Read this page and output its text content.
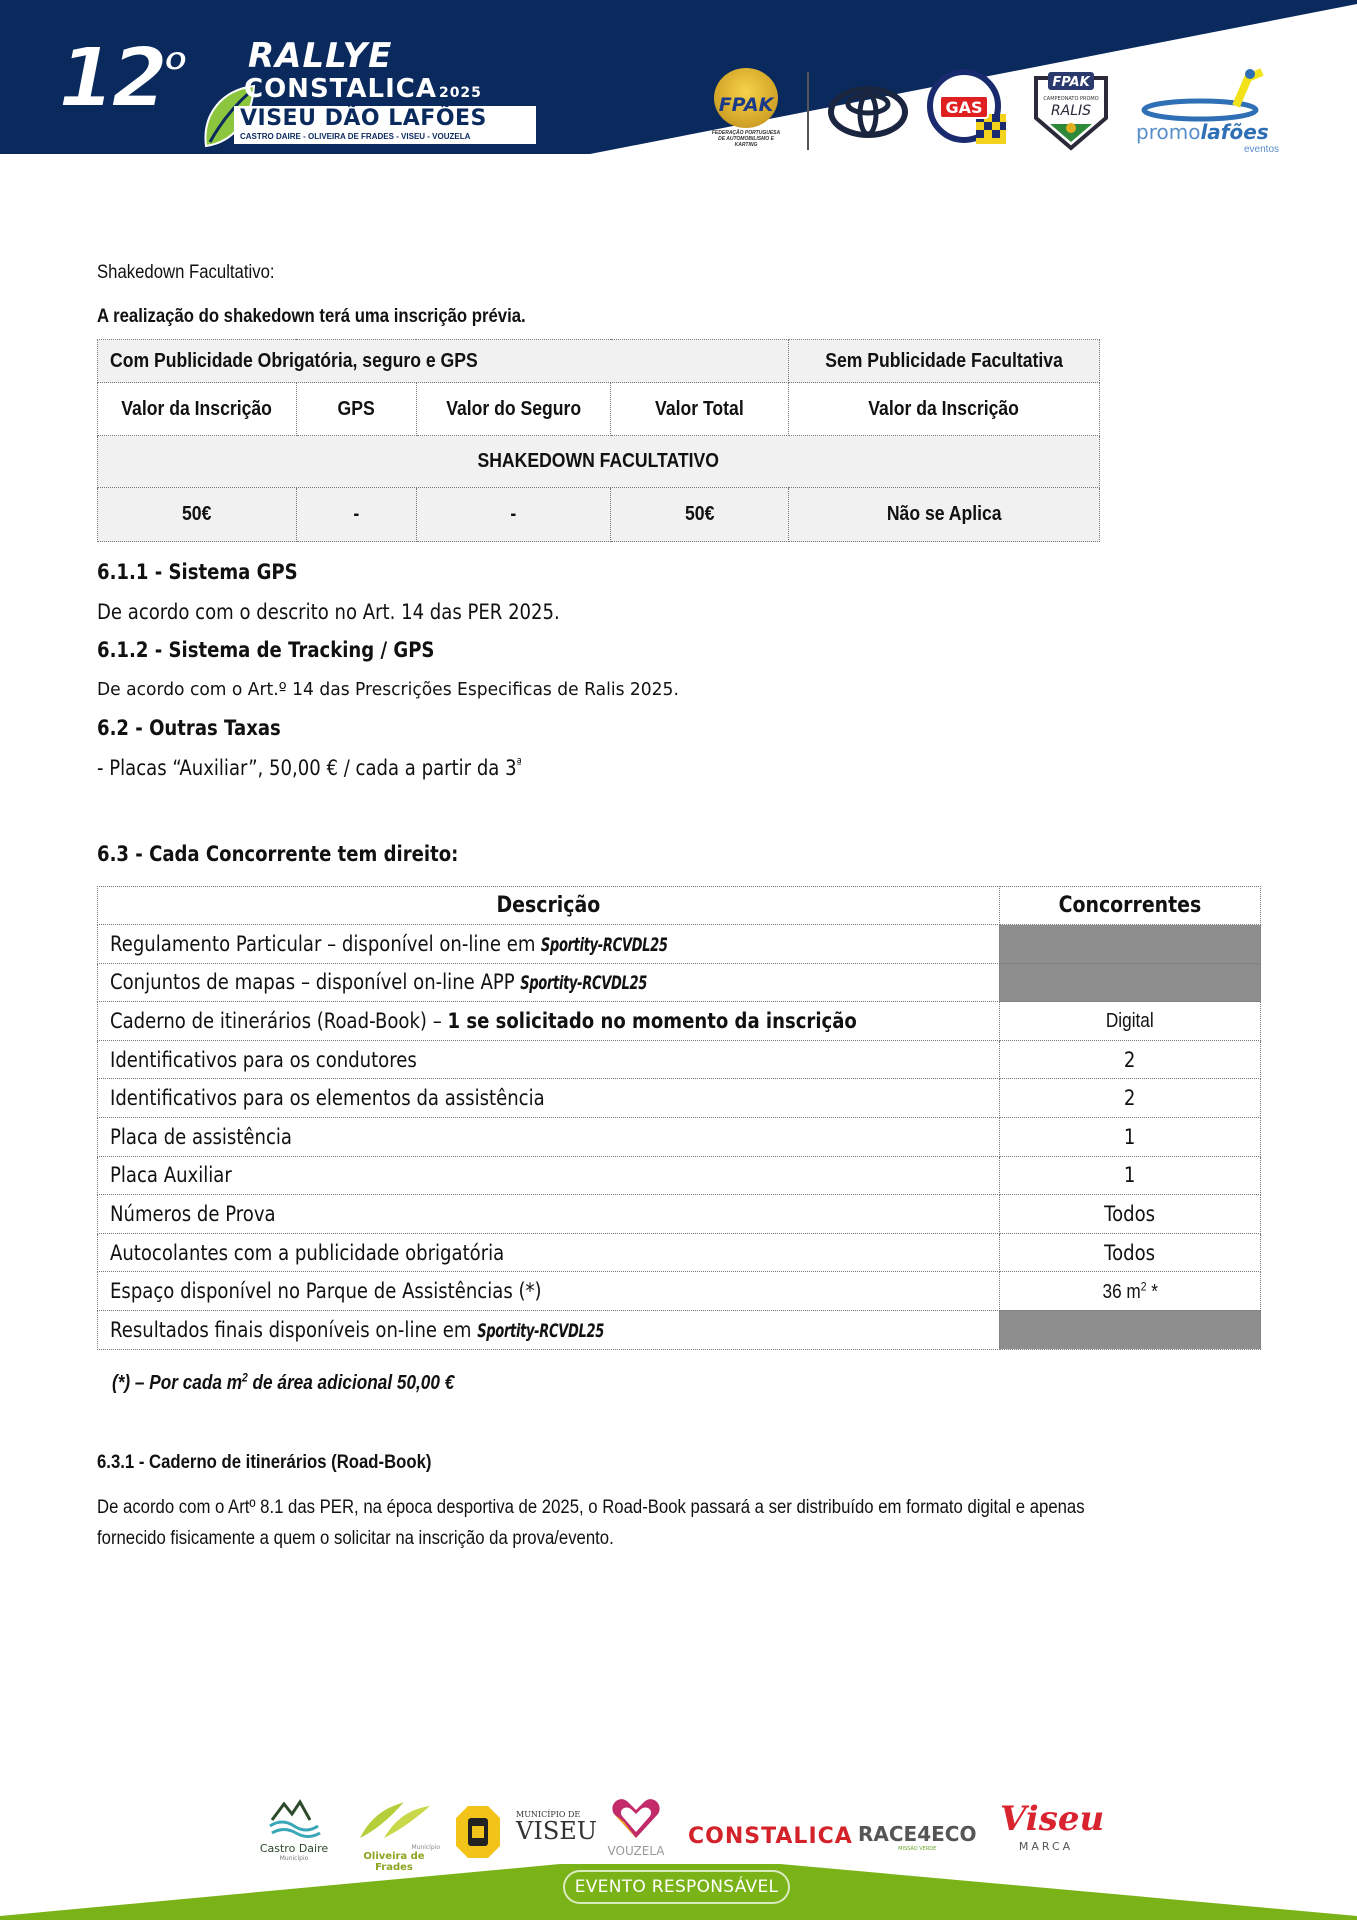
12$^o$ RALLYE
CONSTALICA 2025
VISEU DÃO LAFÕES
CASTRO DAIRE - OLIVEIRA DE FRADES - VISEU - VOUZELA
FPAK
FEDERAÇÃO PORTUGUESA DE AUTOMOBILISMO E KARTING
GAS
FPAK
CAMPEONATO PROMO
RALIS
promolafões
eventos
Shakedown Facultativo:
A realização do shakedown terá uma inscrição prévia.
Com Publicidade Obrigatória, seguro e GPS				Sem Publicidade Facultativa
Valor da Inscrição	GPS	Valor do Seguro	Valor Total	Valor da Inscrição
SHAKEDOWN FACULTATIVO				
50€	-	-	50€	Não se Aplica
6.1.1 - Sistema GPS
De acordo com o descrito no Art. 14 das PER 2025.
6.1.2 - Sistema de Tracking / GPS
De acordo com o Art.º 14 das Prescrições Especificas de Ralis 2025.
6.2 - Outras Taxas
- Placas “Auxiliar”, 50,00 € / cada a partir da $3^ª$
6.3 - Cada Concorrente tem direito:
Descrição	Concorrentes
Regulamento Particular – disponível on-line em Sportity-RCVDL25	
Conjuntos de mapas – disponível on-line APP Sportity-RCVDL25	
Caderno de itinerários (Road-Book) – 1 se solicitado no momento da inscrição	Digital
Identificativos para os condutores	2
Identificativos para os elementos da assistência	2
Placa de assistência	1
Placa Auxiliar	1
Números de Prova	Todos
Autocolantes com a publicidade obrigatória	Todos
Espaço disponível no Parque de Assistências (*)	36 $m^2$ *
Resultados finais disponíveis on-line em Sportity-RCVDL25	
(*) – Por cada $m^2$ de área adicional 50,00 €
6.3.1 - Caderno de itinerários (Road-Book)
De acordo com o Artº 8.1 das PER, na época desportiva de 2025, o Road-Book passará a ser distribuído em formato digital e apenas
fornecido fisicamente a quem o solicitar na inscrição da prova/evento.
Castro Daire
Município
Município
Oliveira de Frades
MUNICÍPIO DE
VISEU
VOUZELA
CONSTALICA RACE4ECO
MISSÃO VERDE
Viseu
MARCA
EVENTO RESPONSÁVEL
